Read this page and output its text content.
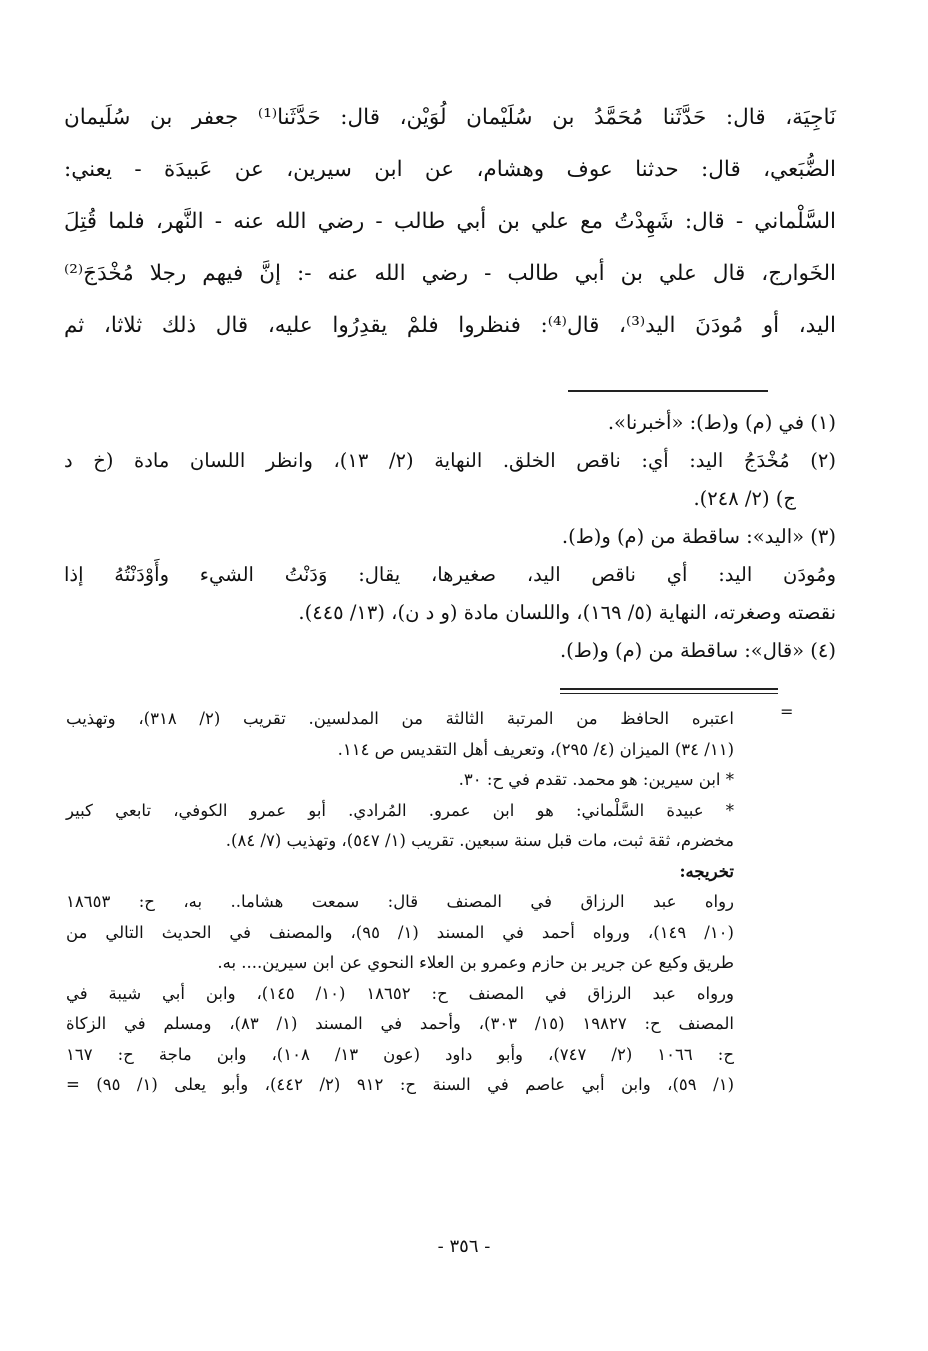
نَاجِيَة، قال: حَدَّثَنا مُحَمَّدُ بن سُلَيْمان لُوَيْن، قال: حَدَّثَنا⁽¹⁾ جعفر بن سُلَيمان
الضُّبَعي، قال: حدثنا عوف وهشام، عن ابن سيرين، عن عَبيدَة - يعني:
السَّلْماني - قال: شَهِدْتُ مع علي بن أبي طالب - رضي الله عنه - النَّهر، فلما قُتِلَ
الخَوارج، قال علي بن أبي طالب - رضي الله عنه -: إنَّ فيهم رجلا مُخْدَجَ⁽²⁾
اليد، أو مُودَنَ اليد⁽³⁾، قال⁽⁴⁾: فنظروا فلمْ يقدِرُوا عليه، قال ذلك ثلاثا، ثم
(١) في (م) و(ط): «أخبرنا».
(٢) مُخْدَجُ اليد: أي: ناقص الخلق. النهاية (٢/ ١٣)، وانظر اللسان مادة (خ د
ج) (٢/ ٢٤٨).
(٣) «اليد»: ساقطة من (م) و(ط).
ومُودَن اليد: أي ناقص اليد، صغيرها، يقال: وَدَنْتُ الشيء وأَوْدَنْتُهُ إذا
نقصته وصغرته، النهاية (٥/ ١٦٩)، واللسان مادة (و د ن)، (١٣/ ٤٤٥).
(٤) «قال»: ساقطة من (م) و(ط).
=
اعتبره الحافظ من المرتبة الثالثة من المدلسين. تقريب (٢/ ٣١٨)، وتهذيب
(١١/ ٣٤) الميزان (٤/ ٢٩٥)، وتعريف أهل التقديس ص ١١٤.
* ابن سيرين: هو محمد. تقدم في ح: ٣٠.
* عبيدة السَّلْماني: هو ابن عمرو. المُرادي. أبو عمرو الكوفي، تابعي كبير
مخضرم، ثقة ثبت، مات قبل سنة سبعين. تقريب (١/ ٥٤٧)، وتهذيب (٧/ ٨٤).
تخريجه:
رواه عبد الرزاق في المصنف قال: سمعت هشاما.. به، ح: ١٨٦٥٣
(١٠/ ١٤٩)، ورواه أحمد في المسند (١/ ٩٥)، والمصنف في الحديث التالي من
طريق وكيع عن جرير بن حازم وعمرو بن العلاء النحوي عن ابن سيرين.... به.
ورواه عبد الرزاق في المصنف ح: ١٨٦٥٢ (١٠/ ١٤٥)، وابن أبي شيبة في
المصنف ح: ١٩٨٢٧ (١٥/ ٣٠٣)، وأحمد في المسند (١/ ٨٣)، ومسلم في الزكاة
ح: ١٠٦٦ (٢/ ٧٤٧)، وأبو داود (عون ١٣/ ١٠٨)، وابن ماجة ح: ١٦٧
(١/ ٥٩)، وابن أبي عاصم في السنة ح: ٩١٢ (٢/ ٤٤٢)، وأبو يعلى (١/ ٩٥) =
- ٣٥٦ -
